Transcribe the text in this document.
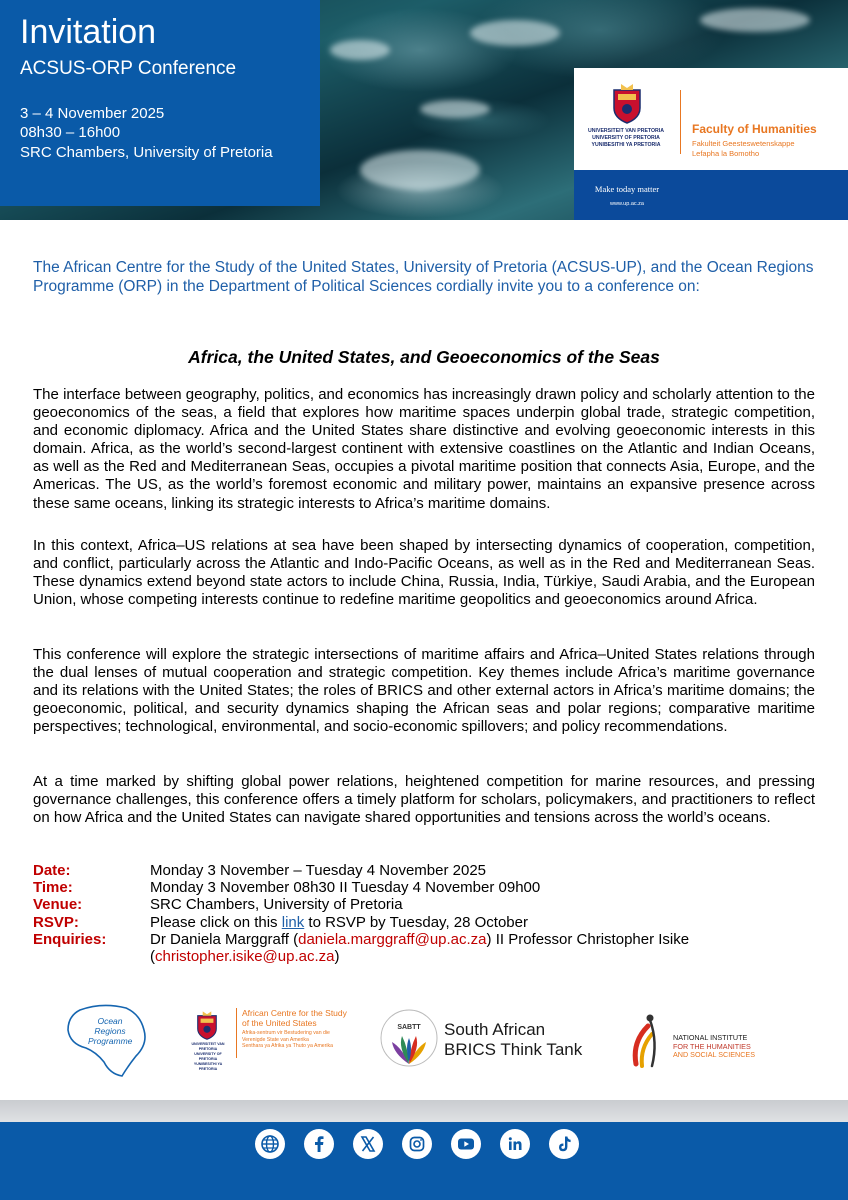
Invitation
ACSUS-ORP Conference
3 – 4 November 2025
08h30 – 16h00
SRC Chambers, University of Pretoria
UNIVERSITEIT VAN PRETORIA
UNIVERSITY OF PRETORIA
YUNIBESITHI YA PRETORIA
Faculty of Humanities
Fakulteit Geesteswetenskappe
Lefapha la Bomotho
Make today matter
www.up.ac.za
The African Centre for the Study of the United States, University of Pretoria (ACSUS-UP), and the Ocean Regions Programme (ORP) in the Department of Political Sciences cordially invite you to a conference on:
Africa, the United States, and Geoeconomics of the Seas
The interface between geography, politics, and economics has increasingly drawn policy and scholarly attention to the geoeconomics of the seas, a field that explores how maritime spaces underpin global trade, strategic competition, and economic diplomacy. Africa and the United States share distinctive and evolving geoeconomic interests in this domain. Africa, as the world’s second-largest continent with extensive coastlines on the Atlantic and Indian Oceans, as well as the Red and Mediterranean Seas, occupies a pivotal maritime position that connects Asia, Europe, and the Americas. The US, as the world’s foremost economic and military power, maintains an expansive presence across these same oceans, linking its strategic interests to Africa’s maritime domains.
In this context, Africa–US relations at sea have been shaped by intersecting dynamics of cooperation, competition, and conflict, particularly across the Atlantic and Indo-Pacific Oceans, as well as in the Red and Mediterranean Seas. These dynamics extend beyond state actors to include China, Russia, India, Türkiye, Saudi Arabia, and the European Union, whose competing interests continue to redefine maritime geopolitics and geoeconomics around Africa.
This conference will explore the strategic intersections of maritime affairs and Africa–United States relations through the dual lenses of mutual cooperation and strategic competition. Key themes include Africa’s maritime governance and its relations with the United States; the roles of BRICS and other external actors in Africa’s maritime domains; the geoeconomic, political, and security dynamics shaping the African seas and polar regions; comparative maritime perspectives; technological, environmental, and socio-economic spillovers; and policy recommendations.
At a time marked by shifting global power relations, heightened competition for marine resources, and pressing governance challenges, this conference offers a timely platform for scholars, policymakers, and practitioners to reflect on how Africa and the United States can navigate shared opportunities and tensions across the world’s oceans.
Date:	Monday 3 November – Tuesday 4 November 2025
Time:	Monday 3 November 08h30 II Tuesday 4 November 09h00
Venue:	SRC Chambers, University of Pretoria
RSVP:	Please click on this link to RSVP by Tuesday, 28 October
Enquiries:	Dr Daniela Marggraff (daniela.marggraff@up.ac.za) II Professor Christopher Isike
(christopher.isike@up.ac.za)
Ocean
Regions
Programme	UNIVERSITEIT VAN PRETORIA
UNIVERSITY OF PRETORIA
YUNIBESITHI YA PRETORIA
African Centre for the Study of the United States
Afrika-sentrum vir Bestudering van die Verenigde State van Amerika
Senthara ya Afrika ya Thuto ya Amerika
SABTT	South African
BRICS Think Tank
NATIONAL INSTITUTE
FOR THE HUMANITIES
AND SOCIAL SCIENCES
